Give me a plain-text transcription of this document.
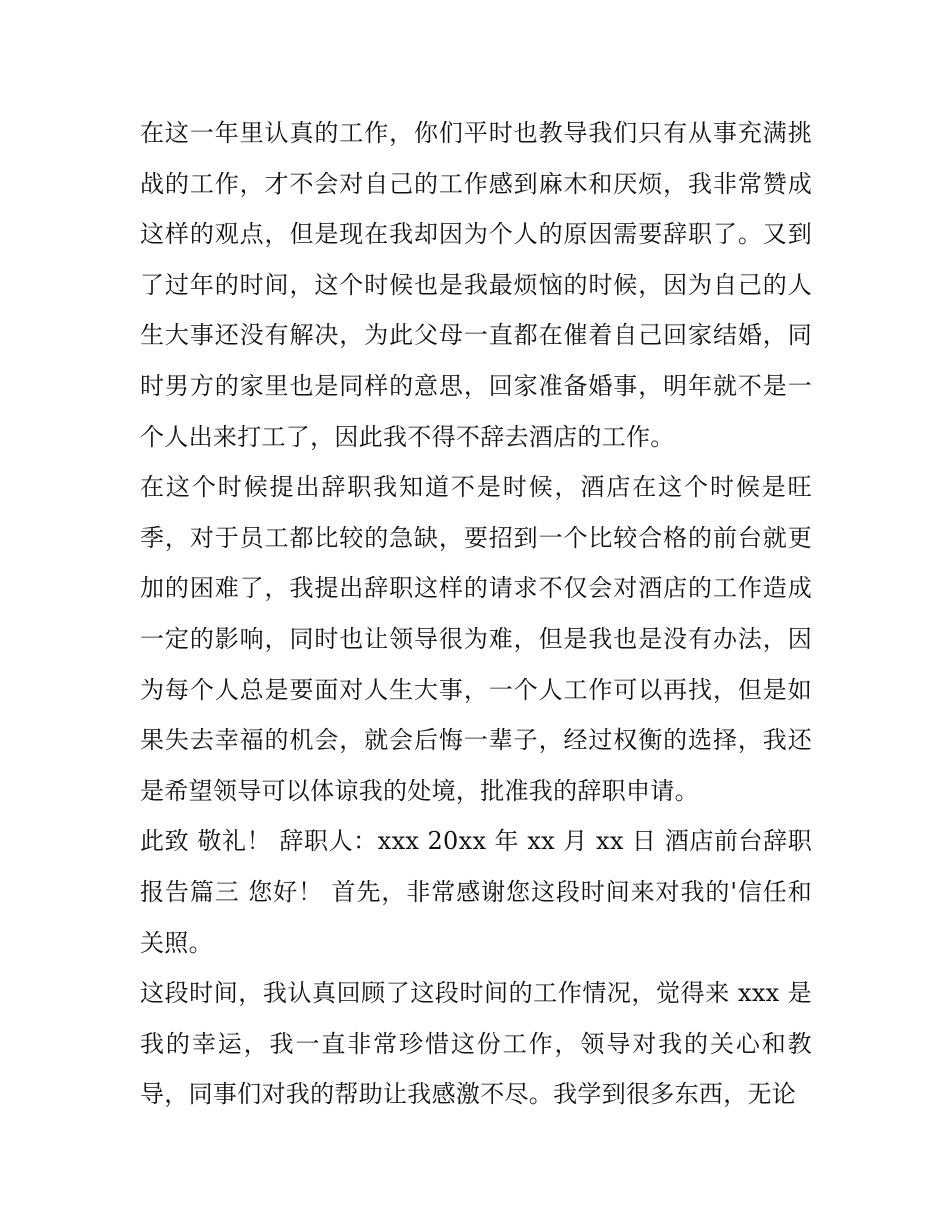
在这一年里认真的工作，你们平时也教导我们只有从事充满挑战的工作，才不会对自己的工作感到麻木和厌烦，我非常赞成这样的观点，但是现在我却因为个人的原因需要辞职了。又到了过年的时间，这个时候也是我最烦恼的时候，因为自己的人生大事还没有解决，为此父母一直都在催着自己回家结婚，同时男方的家里也是同样的意思，回家准备婚事，明年就不是一个人出来打工了，因此我不得不辞去酒店的工作。

在这个时候提出辞职我知道不是时候，酒店在这个时候是旺季，对于员工都比较的急缺，要招到一个比较合格的前台就更加的困难了，我提出辞职这样的请求不仅会对酒店的工作造成一定的影响，同时也让领导很为难，但是我也是没有办法，因为每个人总是要面对人生大事，一个人工作可以再找，但是如果失去幸福的机会，就会后悔一辈子，经过权衡的选择，我还是希望领导可以体谅我的处境，批准我的辞职申请。

此致 敬礼！ 辞职人：xxx 20xx 年 xx 月 xx 日 酒店前台辞职报告篇三 您好！ 首先，非常感谢您这段时间来对我的'信任和关照。

这段时间，我认真回顾了这段时间的工作情况，觉得来 xxx 是我的幸运，我一直非常珍惜这份工作，领导对我的关心和教导，同事们对我的帮助让我感激不尽。我学到很多东西，无论
